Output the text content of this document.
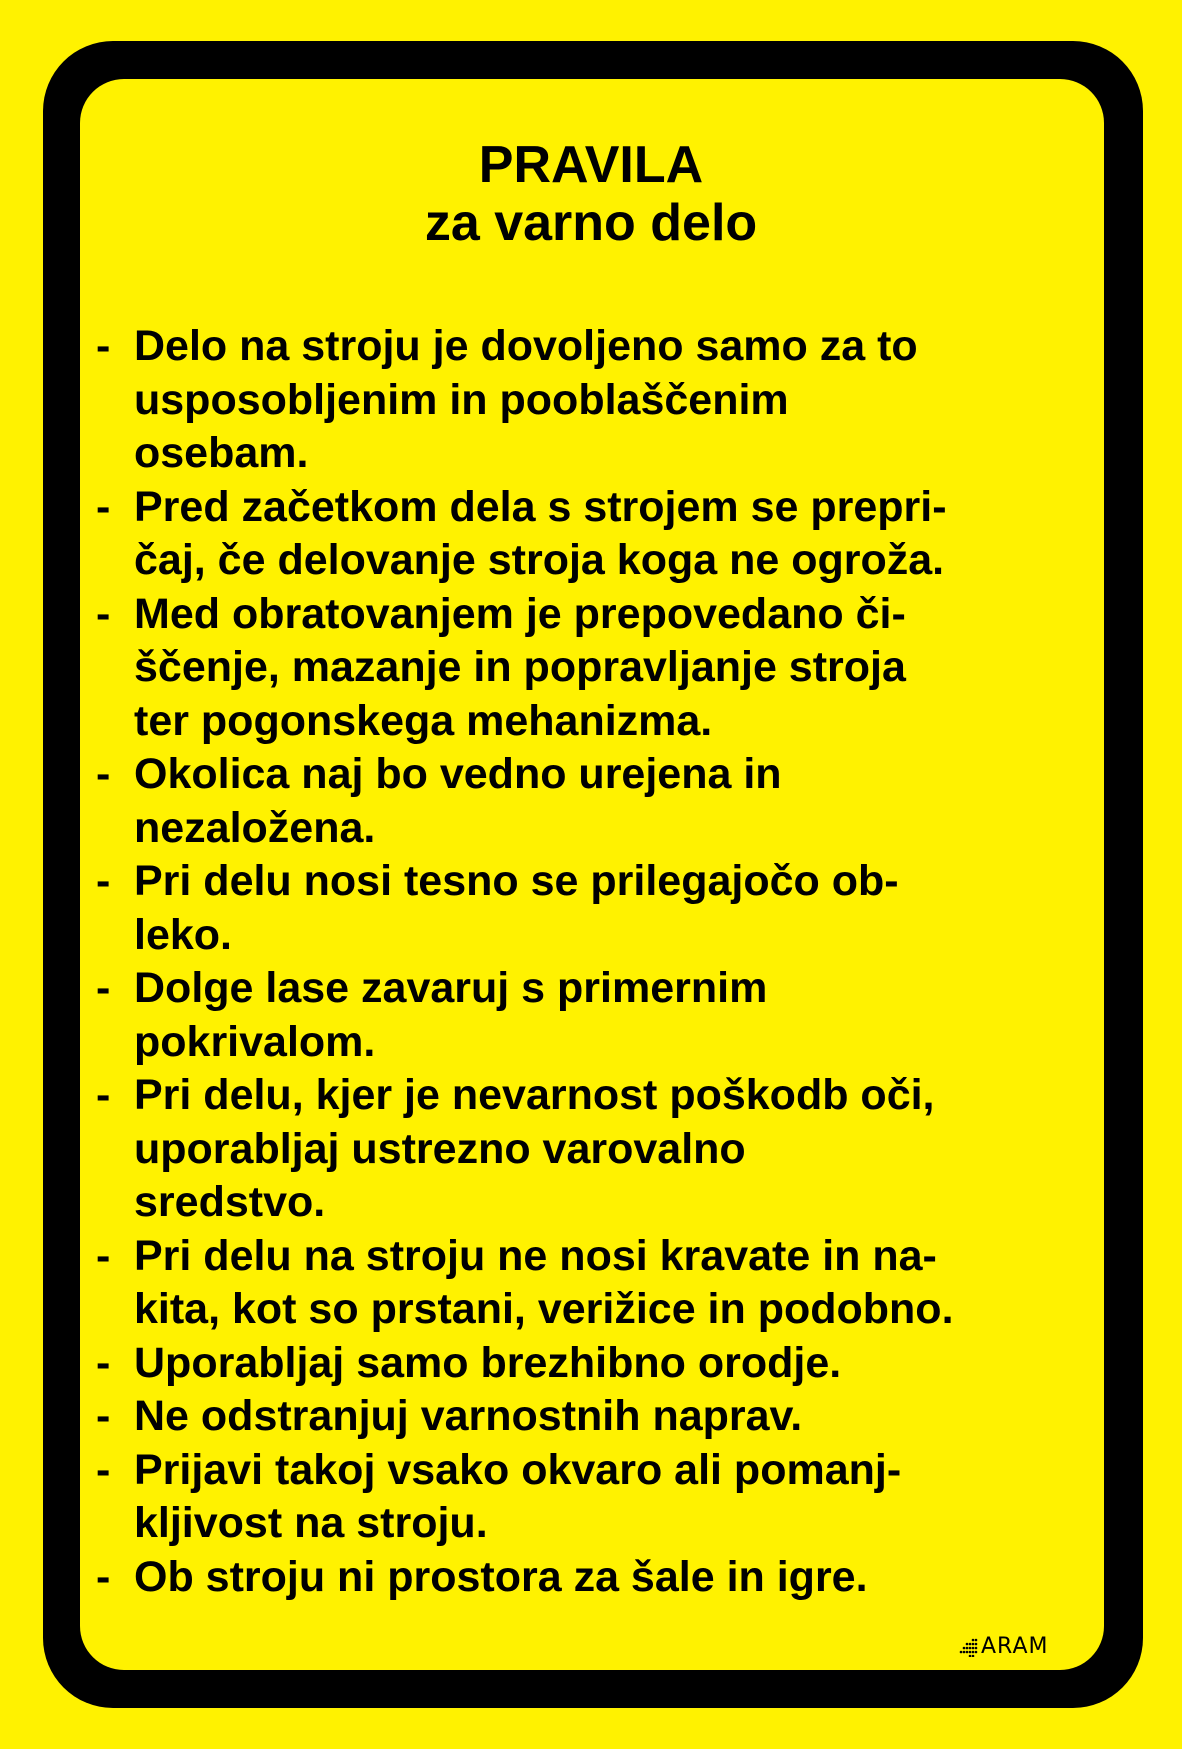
PRAVILA
za varno delo
- Delo na stroju je dovoljeno samo za to
usposobljenim in pooblaščenim
osebam.
- Pred začetkom dela s strojem se prepri-
čaj, če delovanje stroja koga ne ogroža.
- Med obratovanjem je prepovedano či-
ščenje, mazanje in popravljanje stroja
ter pogonskega mehanizma.
- Okolica naj bo vedno urejena in
nezaložena.
- Pri delu nosi tesno se prilegajočo ob-
leko.
- Dolge lase zavaruj s primernim
pokrivalom.
- Pri delu, kjer je nevarnost poškodb oči,
uporabljaj ustrezno varovalno
sredstvo.
- Pri delu na stroju ne nosi kravate in na-
kita, kot so prstani, verižice in podobno.
- Uporabljaj samo brezhibno orodje.
- Ne odstranjuj varnostnih naprav.
- Prijavi takoj vsako okvaro ali pomanj-
kljivost na stroju.
- Ob stroju ni prostora za šale in igre.
ARAM
